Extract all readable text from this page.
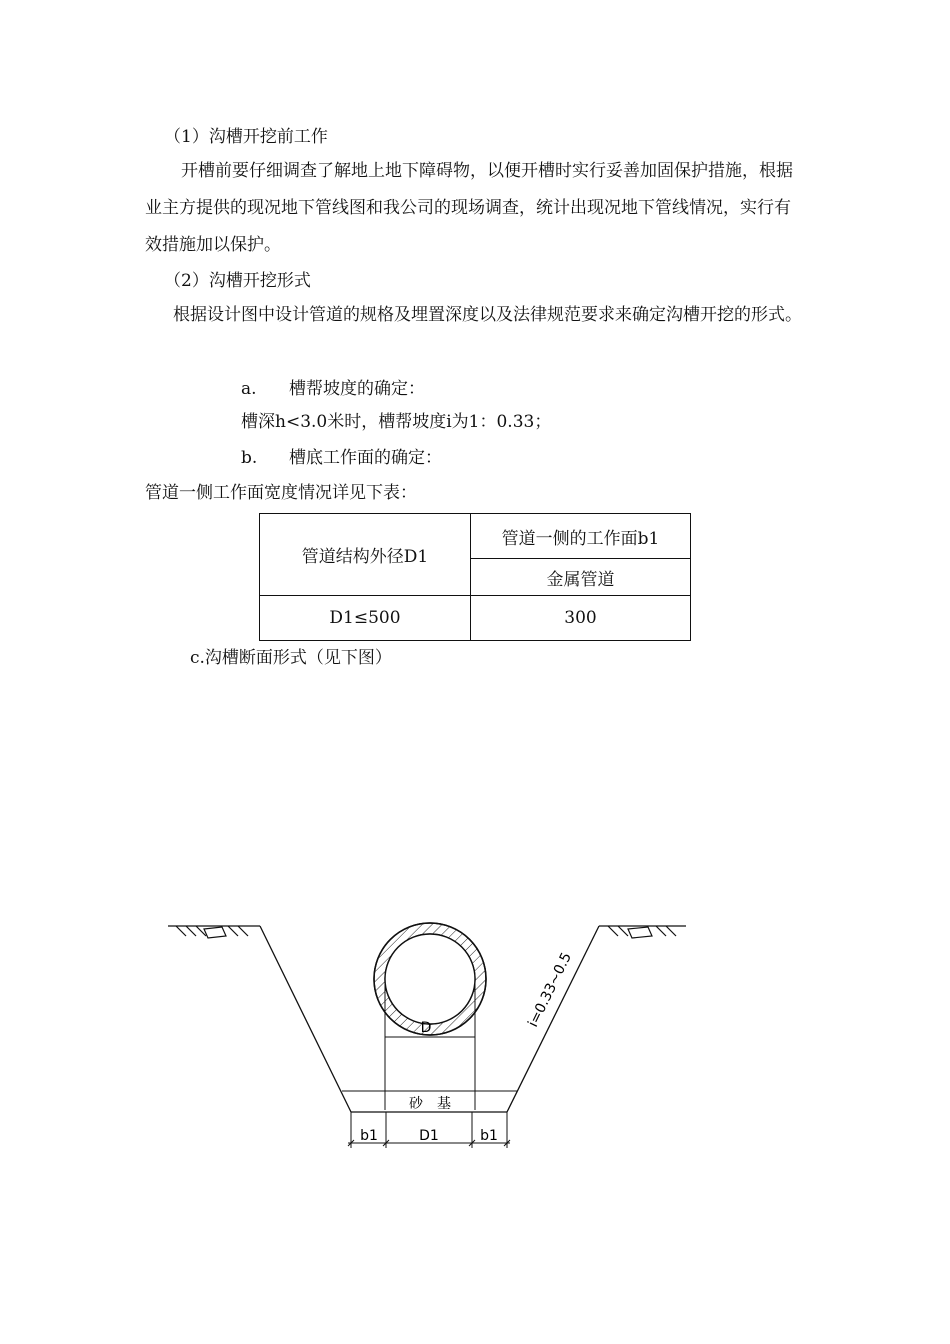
（1）沟槽开挖前工作
开槽前要仔细调查了解地上地下障碍物，以便开槽时实行妥善加固保护措施，根据业主方提供的现况地下管线图和我公司的现场调查，统计出现况地下管线情况，实行有效措施加以保护。
（2）沟槽开挖形式
根据设计图中设计管道的规格及埋置深度以及法律规范要求来确定沟槽开挖的形式。
a. 槽帮坡度的确定：
槽深h<3.0米时，槽帮坡度i为1：0.33；
b. 槽底工作面的确定：
管道一侧工作面宽度情况详见下表：
管道结构外径D1	管道一侧的工作面b1
	金属管道
D1≤500	300
c.沟槽断面形式（见下图）
砂　基
D	i=0.33~0.5
b1	D1	b1
